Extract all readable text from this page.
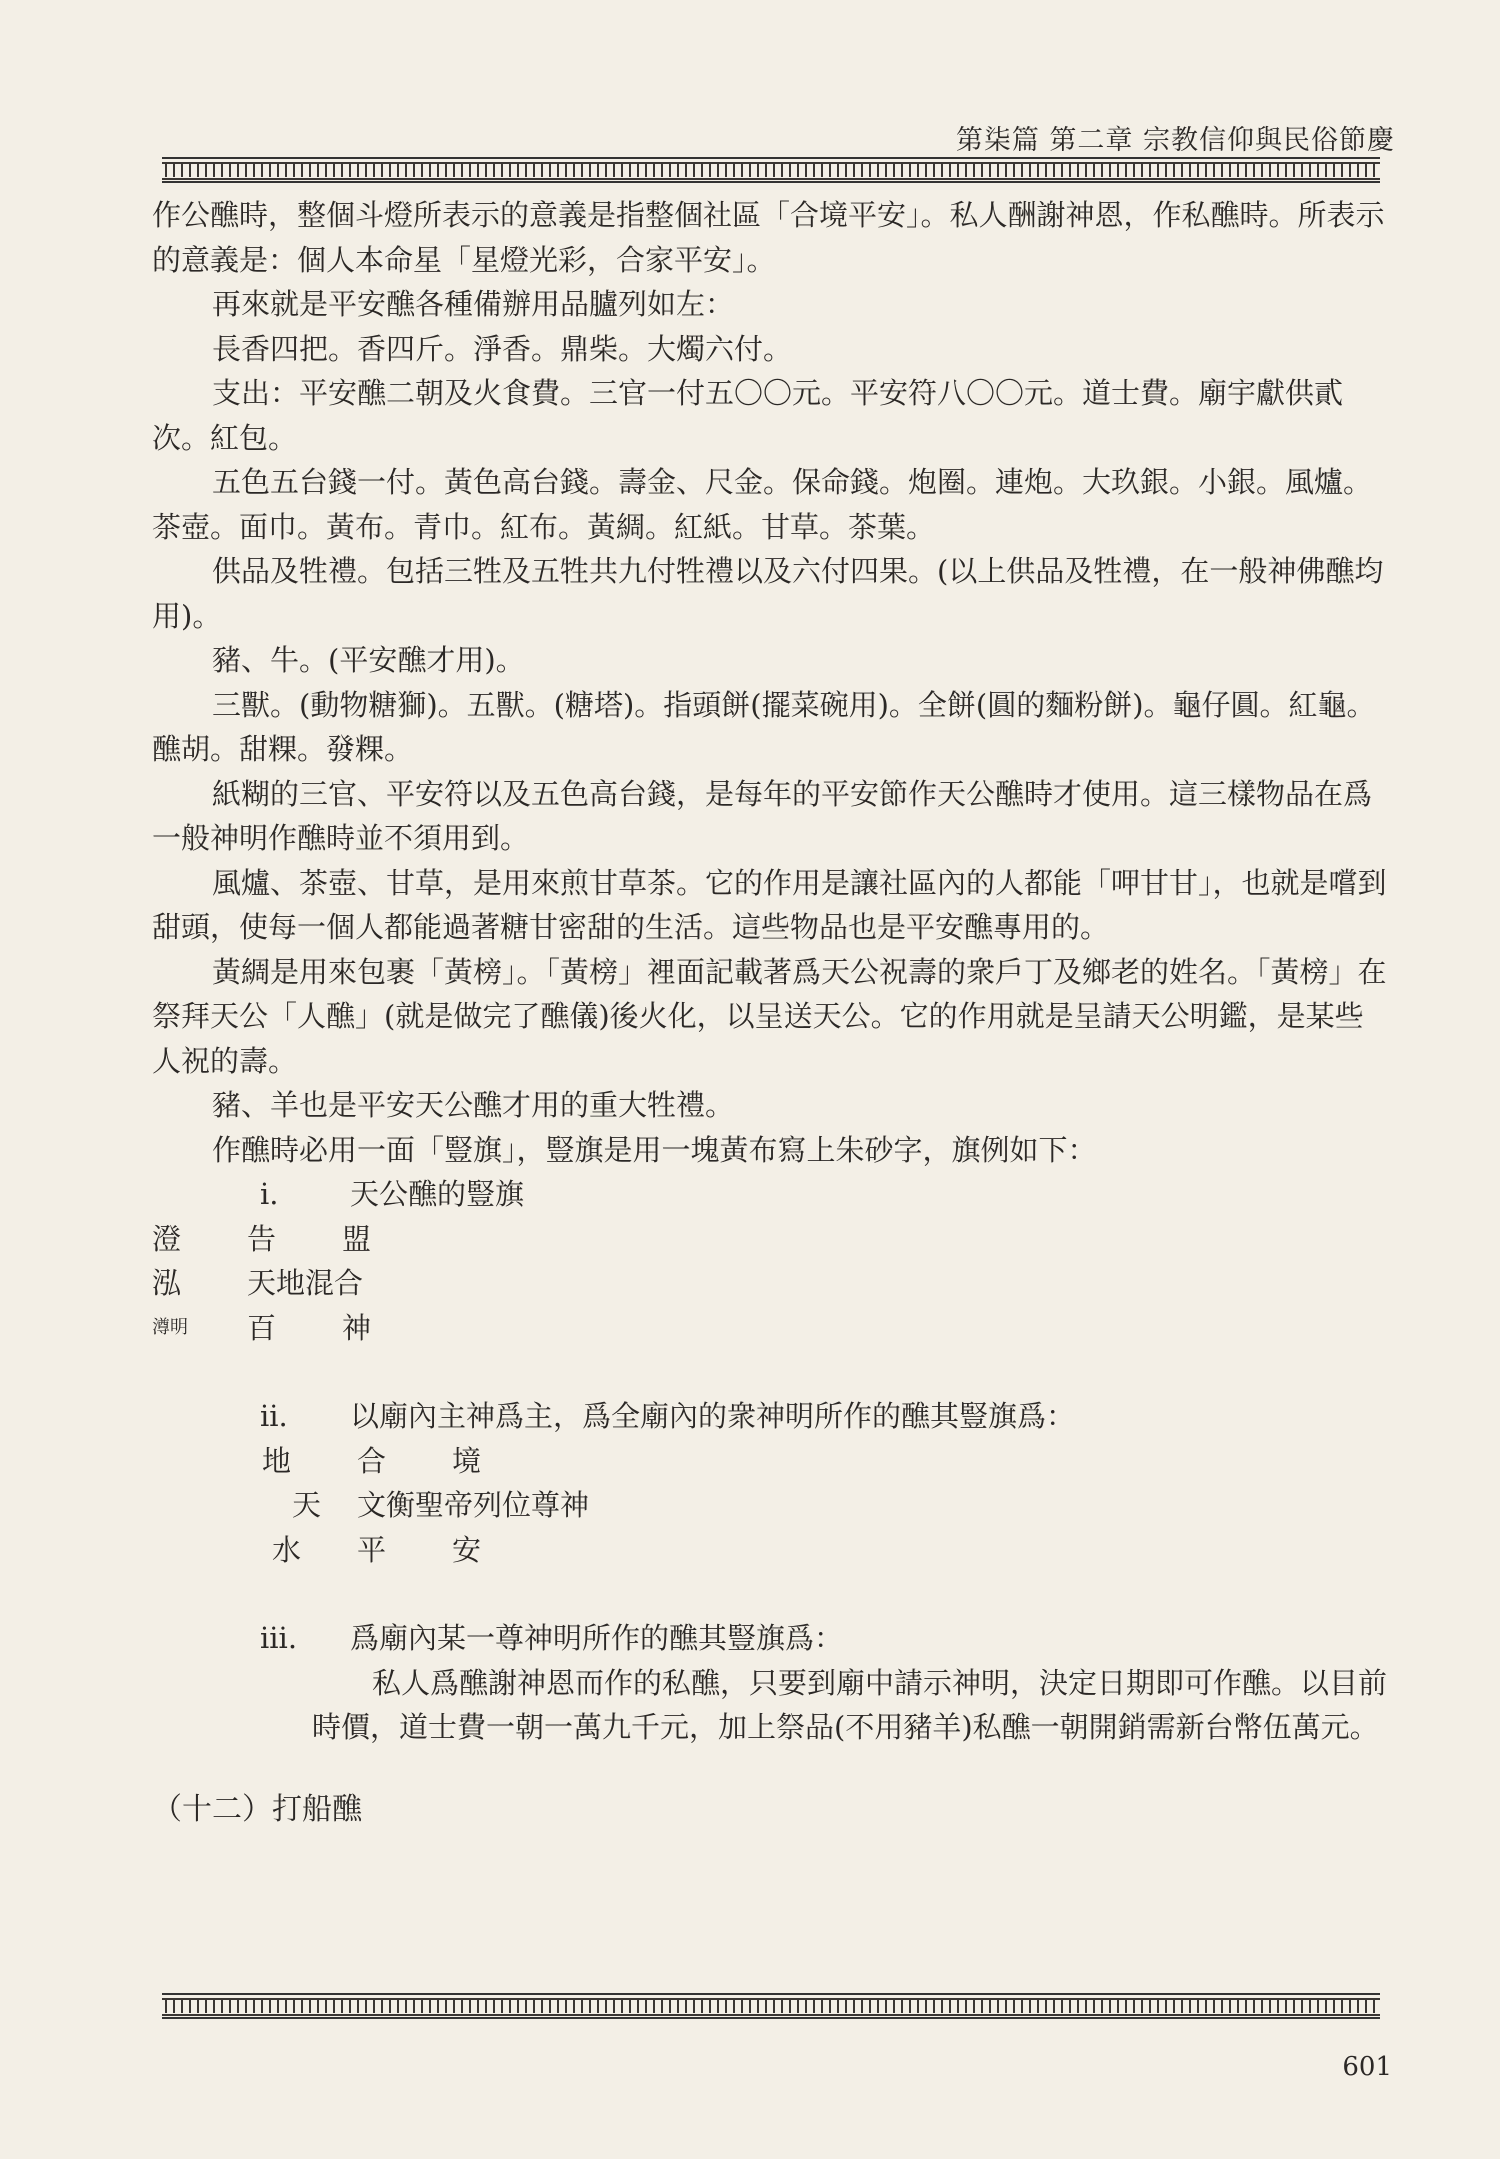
第柒篇 第二章 宗教信仰與民俗節慶

作公醮時，整個斗燈所表示的意義是指整個社區「合境平安」。私人酬謝神恩，作私醮時。所表示的意義是：個人本命星「星燈光彩，合家平安」。

再來就是平安醮各種備辦用品臚列如左：

長香四把。香四斤。淨香。鼎柴。大燭六付。

支出：平安醮二朝及火食費。三官一付五〇〇元。平安符八〇〇元。道士費。廟宇獻供貳次。紅包。

五色五台錢一付。黃色高台錢。壽金、尺金。保命錢。炮圈。連炮。大玖銀。小銀。風爐。茶壺。面巾。黃布。青巾。紅布。黃綢。紅紙。甘草。茶葉。

供品及牲禮。包括三牲及五牲共九付牲禮以及六付四果。(以上供品及牲禮，在一般神佛醮均用)。

豬、牛。(平安醮才用)。

三獸。(動物糖獅)。五獸。(糖塔)。指頭餅(擺菜碗用)。全餅(圓的麵粉餅)。龜仔圓。紅龜。醮胡。甜粿。發粿。

紙糊的三官、平安符以及五色高台錢，是每年的平安節作天公醮時才使用。這三樣物品在爲一般神明作醮時並不須用到。

風爐、茶壺、甘草，是用來煎甘草茶。它的作用是讓社區內的人都能「呷甘甘」，也就是嚐到甜頭，使每一個人都能過著糖甘密甜的生活。這些物品也是平安醮專用的。

黃綢是用來包裹「黃榜」。「黃榜」裡面記載著爲天公祝壽的衆戶丁及鄉老的姓名。「黃榜」在祭拜天公「人醮」(就是做完了醮儀)後火化，以呈送天公。它的作用就是呈請天公明鑑，是某些人祝的壽。

豬、羊也是平安天公醮才用的重大牲禮。

作醮時必用一面「豎旗」，豎旗是用一塊黃布寫上朱砂字，旗例如下：

i.	天公醮的豎旗
澄	告	盟
泓	天地混合
澊明	百	神
ii.	以廟內主神爲主，爲全廟內的衆神明所作的醮其豎旗爲：
地	合	境
天	文衡聖帝列位尊神
水	平	安
iii.	爲廟內某一尊神明所作的醮其豎旗爲：

私人爲醮謝神恩而作的私醮，只要到廟中請示神明，決定日期即可作醮。以目前時價，道士費一朝一萬九千元，加上祭品(不用豬羊)私醮一朝開銷需新台幣伍萬元。

（十二）打船醮

601
